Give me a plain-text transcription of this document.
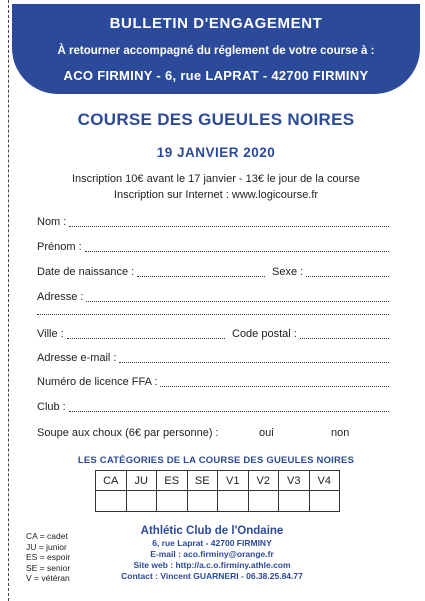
BULLETIN D'ENGAGEMENT
À retourner accompagné du réglement de votre course à :
ACO FIRMINY - 6, rue LAPRAT - 42700 FIRMINY
COURSE DES GUEULES NOIRES
19 JANVIER 2020
Inscription 10€ avant le 17 janvier - 13€ le jour de la course
Inscription sur Internet : www.logicourse.fr
Nom :
Prénom :
Date de naissance :	Sexe :
Adresse :
Ville :	Code postal :
Adresse e-mail :
Numéro de licence FFA :
Club :
Soupe aux choux (6€ par personne) :	oui	non
LES CATÉGORIES DE LA COURSE DES GUEULES NOIRES
CA	JU	ES	SE	V1	V2	V3	V4

CA = cadet
JU = junior
ES = espoir
SE = senior
V = vétéran
Athlétic Club de l'Ondaine
6, rue Laprat - 42700 FIRMINY
E-mail : aco.firminy@orange.fr
Site web : http://a.c.o.firminy.athle.com
Contact : Vincent GUARNERI - 06.38.25.84.77
